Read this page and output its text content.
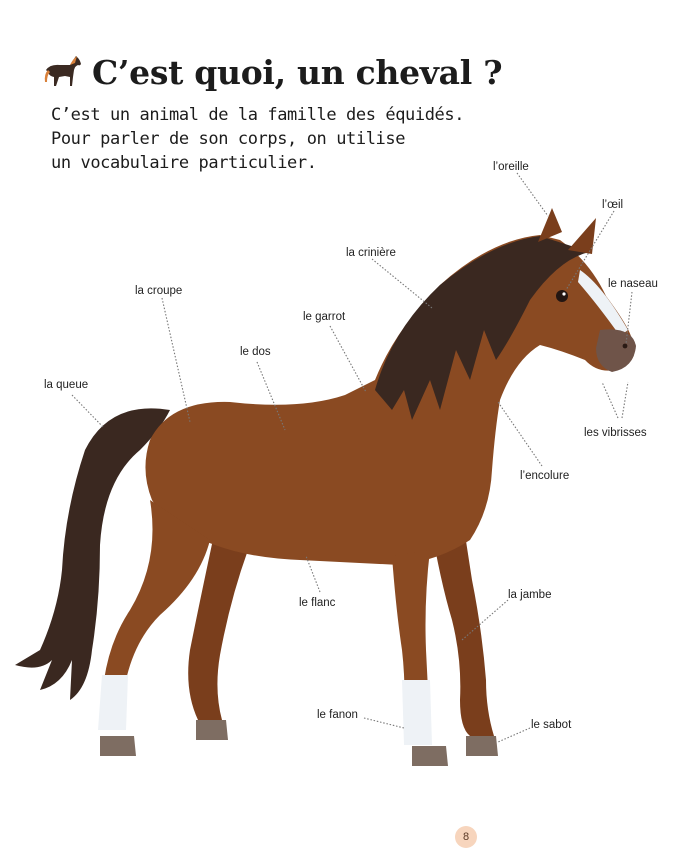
C’est quoi, un cheval ?

C’est un animal de la famille des équidés.
Pour parler de son corps, on utilise
un vocabulaire particulier.	l’oreille
l’œil
le naseau
la crinière
la croupe
le garrot
le dos
la queue
les vibrisses
l’encolure
le flanc
la jambe
le fanon
le sabot
8
